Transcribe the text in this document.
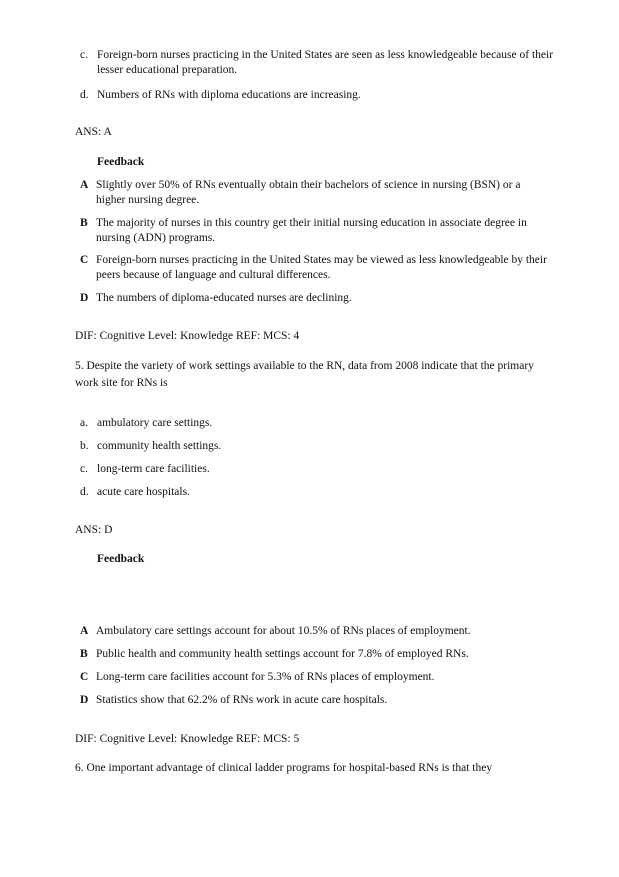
c. Foreign-born nurses practicing in the United States are seen as less knowledgeable because of their lesser educational preparation.
d. Numbers of RNs with diploma educations are increasing.
ANS: A
Feedback
A Slightly over 50% of RNs eventually obtain their bachelors of science in nursing (BSN) or a higher nursing degree.
B The majority of nurses in this country get their initial nursing education in associate degree in nursing (ADN) programs.
C Foreign-born nurses practicing in the United States may be viewed as less knowledgeable by their peers because of language and cultural differences.
D The numbers of diploma-educated nurses are declining.
DIF: Cognitive Level: Knowledge REF: MCS: 4
5. Despite the variety of work settings available to the RN, data from 2008 indicate that the primary work site for RNs is
a. ambulatory care settings.
b. community health settings.
c. long-term care facilities.
d. acute care hospitals.
ANS: D
Feedback
A Ambulatory care settings account for about 10.5% of RNs places of employment.
B Public health and community health settings account for 7.8% of employed RNs.
C Long-term care facilities account for 5.3% of RNs places of employment.
D Statistics show that 62.2% of RNs work in acute care hospitals.
DIF: Cognitive Level: Knowledge REF: MCS: 5
6. One important advantage of clinical ladder programs for hospital-based RNs is that they
